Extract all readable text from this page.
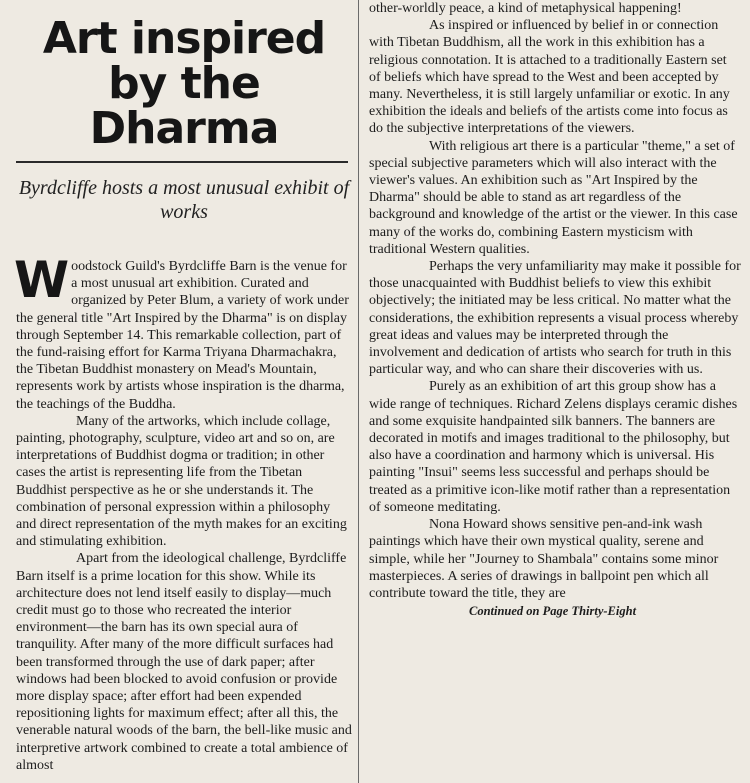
Art inspired by the Dharma
Byrdcliffe hosts a most unusual exhibit of works

Woodstock Guild's Byrdcliffe Barn is the venue for a most unusual art exhibition. Curated and organized by Peter Blum, a variety of work under the general title "Art Inspired by the Dharma" is on display through September 14. This remarkable collection, part of the fund-raising effort for Karma Triyana Dharmachakra, the Tibetan Buddhist monastery on Mead's Mountain, represents work by artists whose inspiration is the dharma, the teachings of the Buddha.

Many of the artworks, which include collage, painting, photography, sculpture, video art and so on, are interpretations of Buddhist dogma or tradition; in other cases the artist is representing life from the Tibetan Buddhist perspective as he or she understands it. The combination of personal expression within a philosophy and direct representation of the myth makes for an exciting and stimulating exhibition.

Apart from the ideological challenge, Byrdcliffe Barn itself is a prime location for this show. While its architecture does not lend itself easily to display—much credit must go to those who recreated the interior environment—the barn has its own special aura of tranquility. After many of the more difficult surfaces had been transformed through the use of dark paper; after windows had been blocked to avoid confusion or provide more display space; after effort had been expended repositioning lights for maximum effect; after all this, the venerable natural woods of the barn, the bell-like music and interpretive artwork combined to create a total ambience of almost

other-worldly peace, a kind of metaphysical happening!

As inspired or influenced by belief in or connection with Tibetan Buddhism, all the work in this exhibition has a religious connotation. It is attached to a traditionally Eastern set of beliefs which have spread to the West and been accepted by many. Nevertheless, it is still largely unfamiliar or exotic. In any exhibition the ideals and beliefs of the artists come into focus as do the subjective interpretations of the viewers.

With religious art there is a particular "theme," a set of special subjective parameters which will also interact with the viewer's values. An exhibition such as "Art Inspired by the Dharma" should be able to stand as art regardless of the background and knowledge of the artist or the viewer. In this case many of the works do, combining Eastern mysticism with traditional Western qualities.

Perhaps the very unfamiliarity may make it possible for those unacquainted with Buddhist beliefs to view this exhibit objectively; the initiated may be less critical. No matter what the considerations, the exhibition represents a visual process whereby great ideas and values may be interpreted through the involvement and dedication of artists who search for truth in this particular way, and who can share their discoveries with us.

Purely as an exhibition of art this group show has a wide range of techniques. Richard Zelens displays ceramic dishes and some exquisite handpainted silk banners. The banners are decorated in motifs and images traditional to the philosophy, but also have a coordination and harmony which is universal. His painting "Insui" seems less successful and perhaps should be treated as a primitive icon-like motif rather than a representation of someone meditating.

Nona Howard shows sensitive pen-and-ink wash paintings which have their own mystical quality, serene and simple, while her "Journey to Shambala" contains some minor masterpieces. A series of drawings in ballpoint pen which all contribute toward the title, they are

Continued on Page Thirty-Eight
